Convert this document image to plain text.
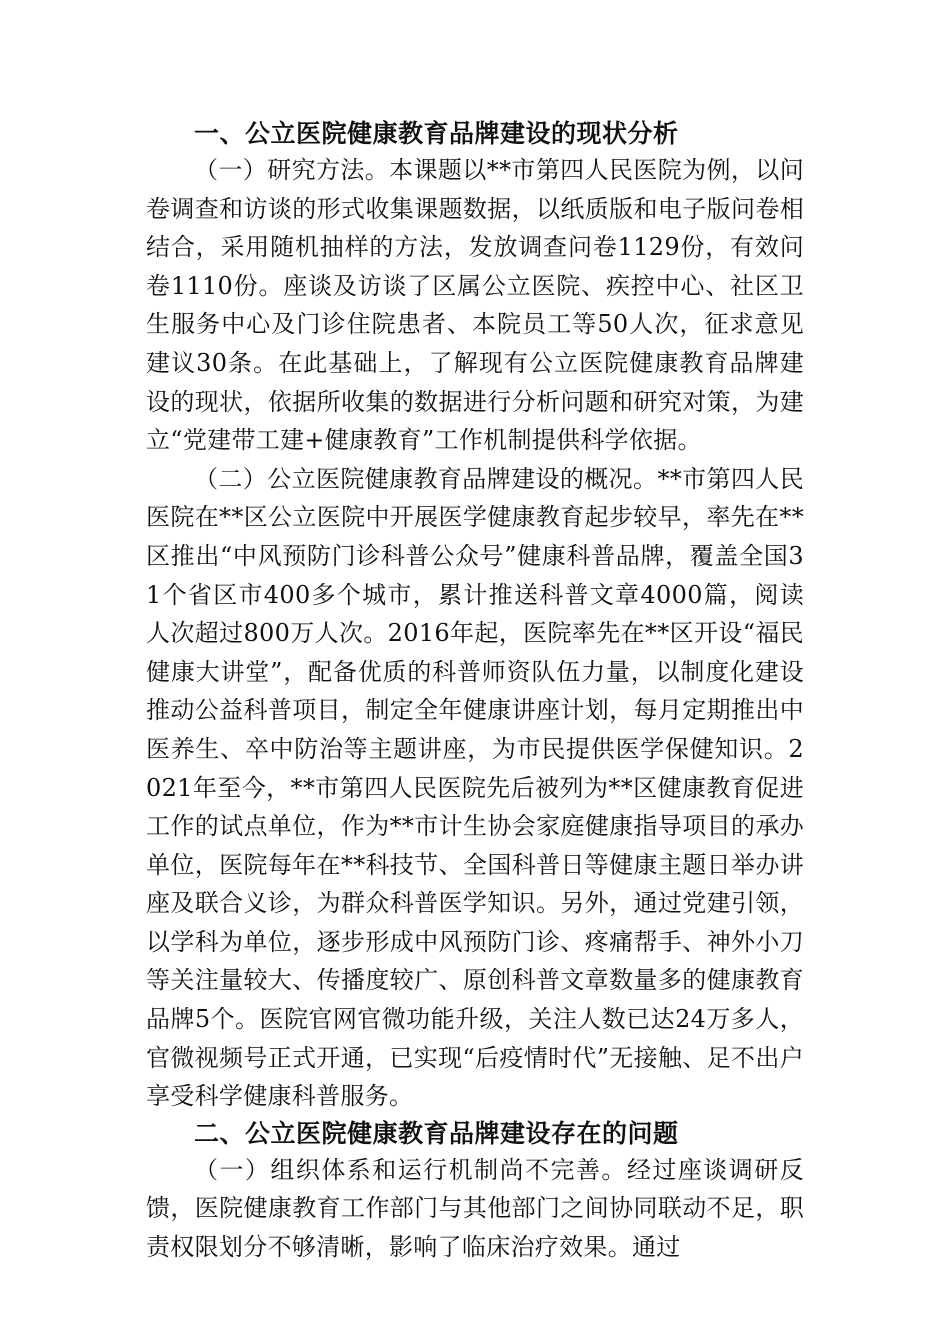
一、公立医院健康教育品牌建设的现状分析

（一）研究方法。本课题以**市第四人民医院为例，以问卷调查和访谈的形式收集课题数据，以纸质版和电子版问卷相结合，采用随机抽样的方法，发放调查问卷1129份，有效问卷1110份。座谈及访谈了区属公立医院、疾控中心、社区卫生服务中心及门诊住院患者、本院员工等50人次，征求意见建议30条。在此基础上，了解现有公立医院健康教育品牌建设的现状，依据所收集的数据进行分析问题和研究对策，为建立“党建带工建+健康教育”工作机制提供科学依据。

（二）公立医院健康教育品牌建设的概况。**市第四人民医院在**区公立医院中开展医学健康教育起步较早，率先在**区推出“中风预防门诊科普公众号”健康科普品牌，覆盖全国31个省区市400多个城市，累计推送科普文章4000篇，阅读人次超过800万人次。2016年起，医院率先在**区开设“福民健康大讲堂”，配备优质的科普师资队伍力量，以制度化建设推动公益科普项目，制定全年健康讲座计划，每月定期推出中医养生、卒中防治等主题讲座，为市民提供医学保健知识。2021年至今，**市第四人民医院先后被列为**区健康教育促进工作的试点单位，作为**市计生协会家庭健康指导项目的承办单位，医院每年在**科技节、全国科普日等健康主题日举办讲座及联合义诊，为群众科普医学知识。另外，通过党建引领，以学科为单位，逐步形成中风预防门诊、疼痛帮手、神外小刀等关注量较大、传播度较广、原创科普文章数量多的健康教育品牌5个。医院官网官微功能升级，关注人数已达24万多人，官微视频号正式开通，已实现“后疫情时代”无接触、足不出户享受科学健康科普服务。

二、公立医院健康教育品牌建设存在的问题

（一）组织体系和运行机制尚不完善。经过座谈调研反馈，医院健康教育工作部门与其他部门之间协同联动不足，职责权限划分不够清晰，影响了临床治疗效果。通过
